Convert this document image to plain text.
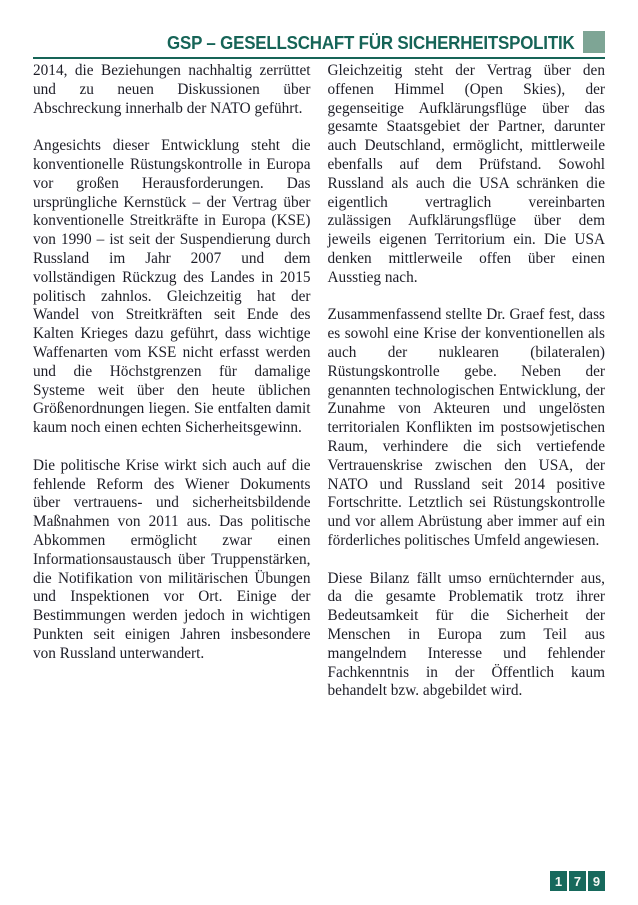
GSP – GESELLSCHAFT FÜR SICHERHEITSPOLITIK

2014, die Beziehungen nachhaltig zerrüttet und zu neuen Diskussionen über Abschreckung innerhalb der NATO geführt.

Angesichts dieser Entwicklung steht die konventionelle Rüstungskontrolle in Europa vor großen Herausforderungen. Das ursprüngliche Kernstück – der Vertrag über konventionelle Streitkräfte in Europa (KSE) von 1990 – ist seit der Suspendierung durch Russland im Jahr 2007 und dem vollständigen Rückzug des Landes in 2015 politisch zahnlos. Gleichzeitig hat der Wandel von Streitkräften seit Ende des Kalten Krieges dazu geführt, dass wichtige Waffenarten vom KSE nicht erfasst werden und die Höchstgrenzen für damalige Systeme weit über den heute üblichen Größenordnungen liegen. Sie entfalten damit kaum noch einen echten Sicherheitsgewinn.

Die politische Krise wirkt sich auch auf die fehlende Reform des Wiener Dokuments über vertrauens- und sicherheitsbildende Maßnahmen von 2011 aus. Das politische Abkommen ermöglicht zwar einen Informationsaustausch über Truppenstärken, die Notifikation von militärischen Übungen und Inspektionen vor Ort. Einige der Bestimmungen werden jedoch in wichtigen Punkten seit einigen Jahren insbesondere von Russland unterwandert.

Gleichzeitig steht der Vertrag über den offenen Himmel (Open Skies), der gegenseitige Aufklärungsflüge über das gesamte Staatsgebiet der Partner, darunter auch Deutschland, ermöglicht, mittlerweile ebenfalls auf dem Prüfstand. Sowohl Russland als auch die USA schränken die eigentlich vertraglich vereinbarten zulässigen Aufklärungsflüge über dem jeweils eigenen Territorium ein. Die USA denken mittlerweile offen über einen Ausstieg nach.

Zusammenfassend stellte Dr. Graef fest, dass es sowohl eine Krise der konventionellen als auch der nuklearen (bilateralen) Rüstungskontrolle gebe. Neben der genannten technologischen Entwicklung, der Zunahme von Akteuren und ungelösten territorialen Konflikten im postsowjetischen Raum, verhindere die sich vertiefende Vertrauenskrise zwischen den USA, der NATO und Russland seit 2014 positive Fortschritte. Letztlich sei Rüstungskontrolle und vor allem Abrüstung aber immer auf ein förderliches politisches Umfeld angewiesen.

Diese Bilanz fällt umso ernüchternder aus, da die gesamte Problematik trotz ihrer Bedeutsamkeit für die Sicherheit der Menschen in Europa zum Teil aus mangelndem Interesse und fehlender Fachkenntnis in der Öffentlich kaum behandelt bzw. abgebildet wird.

1 7 9
